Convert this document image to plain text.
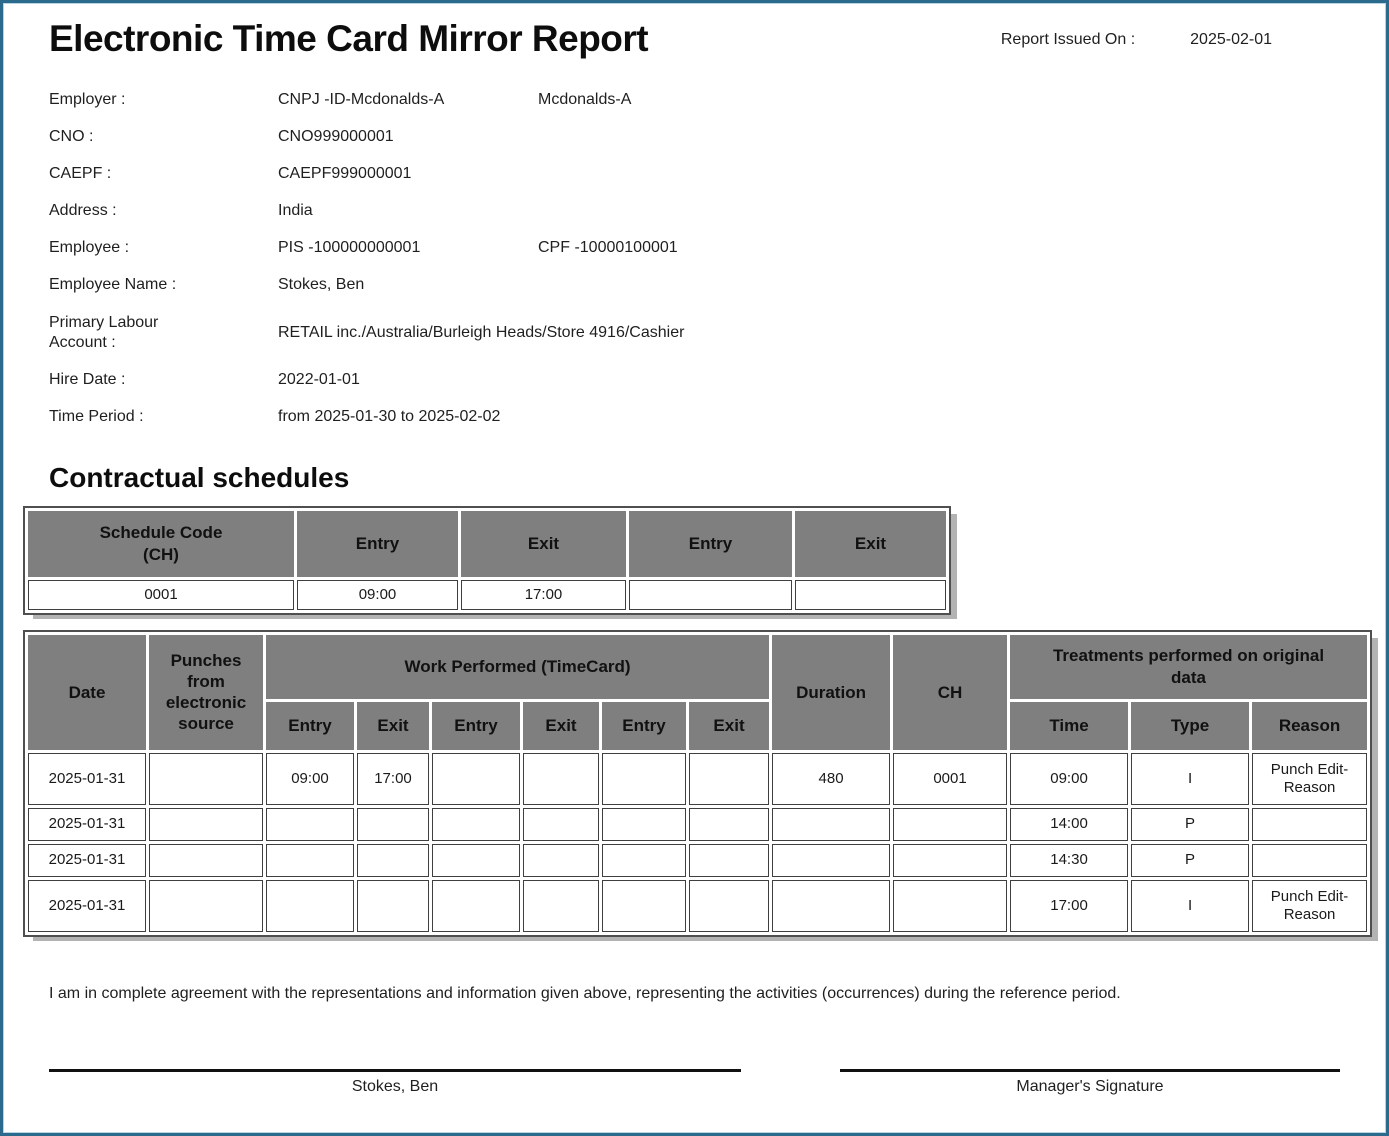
Electronic Time Card Mirror Report	Report Issued On :	2025-02-01
Employer :	CNPJ -ID-Mcdonalds-A	Mcdonalds-A
CNO :	CNO999000001
CAEPF :	CAEPF999000001
Address :	India
Employee :	PIS -100000000001	CPF -10000100001
Employee Name :	Stokes, Ben
Primary Labour Account :
RETAIL inc./Australia/Burleigh Heads/Store 4916/Cashier
Hire Date :	2022-01-01
Time Period :	from 2025-01-30 to 2025-02-02
Contractual schedules
Schedule Code (CH)	Entry	Exit	Entry	Exit
0001	09:00	17:00		
Date	Punches from electronic source	Work Performed (TimeCard)						Duration	CH	Treatments performed on original data		
		Entry	Exit	Entry	Exit	Entry	Exit			Time	Type	Reason
2025-01-31		09:00	17:00					480	0001	09:00	I	Punch Edit-Reason
2025-01-31										14:00	P	
2025-01-31										14:30	P	
2025-01-31										17:00	I	Punch Edit-Reason
I am in complete agreement with the representations and information given above, representing the activities (occurrences) during the reference period.
Stokes, Ben	Manager's Signature
